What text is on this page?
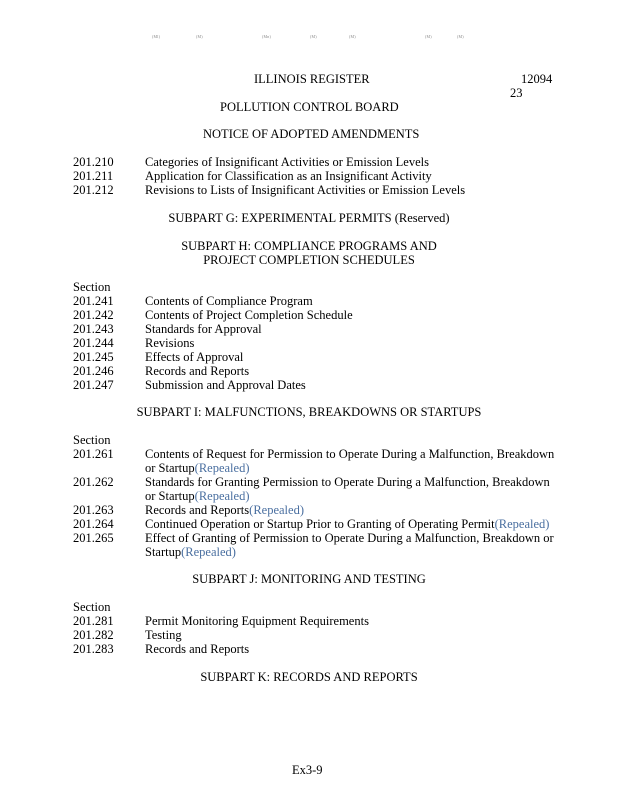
(Ml)	(M)	(Mn)	(M)	(M)	(M)	(M)
ILLINOIS REGISTER	12094
23
POLLUTION CONTROL BOARD
NOTICE OF ADOPTED AMENDMENTS
201.210	Categories of Insignificant Activities or Emission Levels
201.211	Application for Classification as an Insignificant Activity
201.212	Revisions to Lists of Insignificant Activities or Emission Levels
SUBPART G: EXPERIMENTAL PERMITS (Reserved)
SUBPART H: COMPLIANCE PROGRAMS AND
PROJECT COMPLETION SCHEDULES
Section
201.241	Contents of Compliance Program
201.242	Contents of Project Completion Schedule
201.243	Standards for Approval
201.244	Revisions
201.245	Effects of Approval
201.246	Records and Reports
201.247	Submission and Approval Dates
SUBPART I: MALFUNCTIONS, BREAKDOWNS OR STARTUPS
Section
201.261	Contents of Request for Permission to Operate During a Malfunction, Breakdown
or Startup(Repealed)
201.262	Standards for Granting Permission to Operate During a Malfunction, Breakdown
or Startup(Repealed)
201.263	Records and Reports(Repealed)
201.264	Continued Operation or Startup Prior to Granting of Operating Permit(Repealed)
201.265	Effect of Granting of Permission to Operate During a Malfunction, Breakdown or
Startup(Repealed)
SUBPART J: MONITORING AND TESTING
Section
201.281	Permit Monitoring Equipment Requirements
201.282	Testing
201.283	Records and Reports
SUBPART K: RECORDS AND REPORTS
Ex3-9
